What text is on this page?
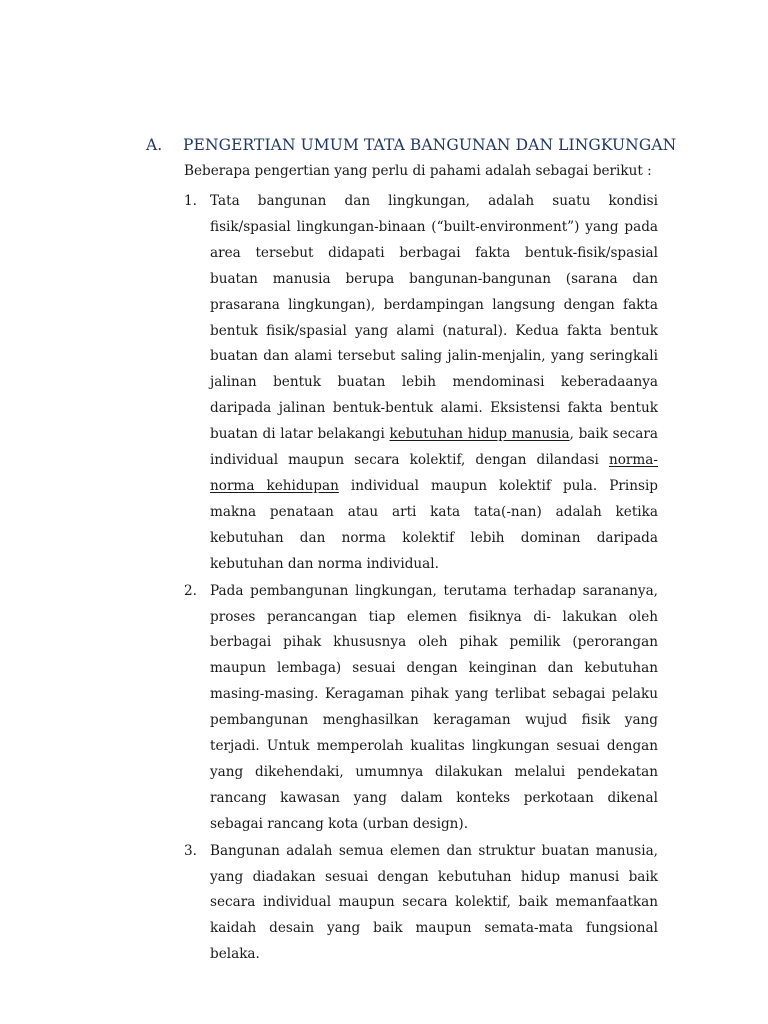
A. PENGERTIAN UMUM TATA BANGUNAN DAN LINGKUNGAN
Beberapa pengertian yang perlu di pahami adalah sebagai berikut :
1. Tata bangunan dan lingkungan, adalah suatu kondisi fisik/spasial lingkungan-binaan (“built-environment”) yang pada area tersebut didapati berbagai fakta bentuk-fisik/spasial buatan manusia berupa bangunan-bangunan (sarana dan prasarana lingkungan), berdampingan langsung dengan fakta bentuk fisik/spasial yang alami (natural). Kedua fakta bentuk buatan dan alami tersebut saling jalin-menjalin, yang seringkali jalinan bentuk buatan lebih mendominasi keberadaanya daripada jalinan bentuk-bentuk alami. Eksistensi fakta bentuk buatan di latar belakangi kebutuhan hidup manusia, baik secara individual maupun secara kolektif, dengan dilandasi norma-norma kehidupan individual maupun kolektif pula. Prinsip makna penataan atau arti kata tata(-nan) adalah ketika kebutuhan dan norma kolektif lebih dominan daripada kebutuhan dan norma individual.
2. Pada pembangunan lingkungan, terutama terhadap sarananya, proses perancangan tiap elemen fisiknya di- lakukan oleh berbagai pihak khususnya oleh pihak pemilik (perorangan maupun lembaga) sesuai dengan keinginan dan kebutuhan masing-masing. Keragaman pihak yang terlibat sebagai pelaku pembangunan menghasilkan keragaman wujud fisik yang terjadi. Untuk memperolah kualitas lingkungan sesuai dengan yang dikehendaki, umumnya dilakukan melalui pendekatan rancang kawasan yang dalam konteks perkotaan dikenal sebagai rancang kota (urban design).
3. Bangunan adalah semua elemen dan struktur buatan manusia, yang diadakan sesuai dengan kebutuhan hidup manusi baik secara individual maupun secara kolektif, baik memanfaatkan kaidah desain yang baik maupun semata-mata fungsional belaka.
